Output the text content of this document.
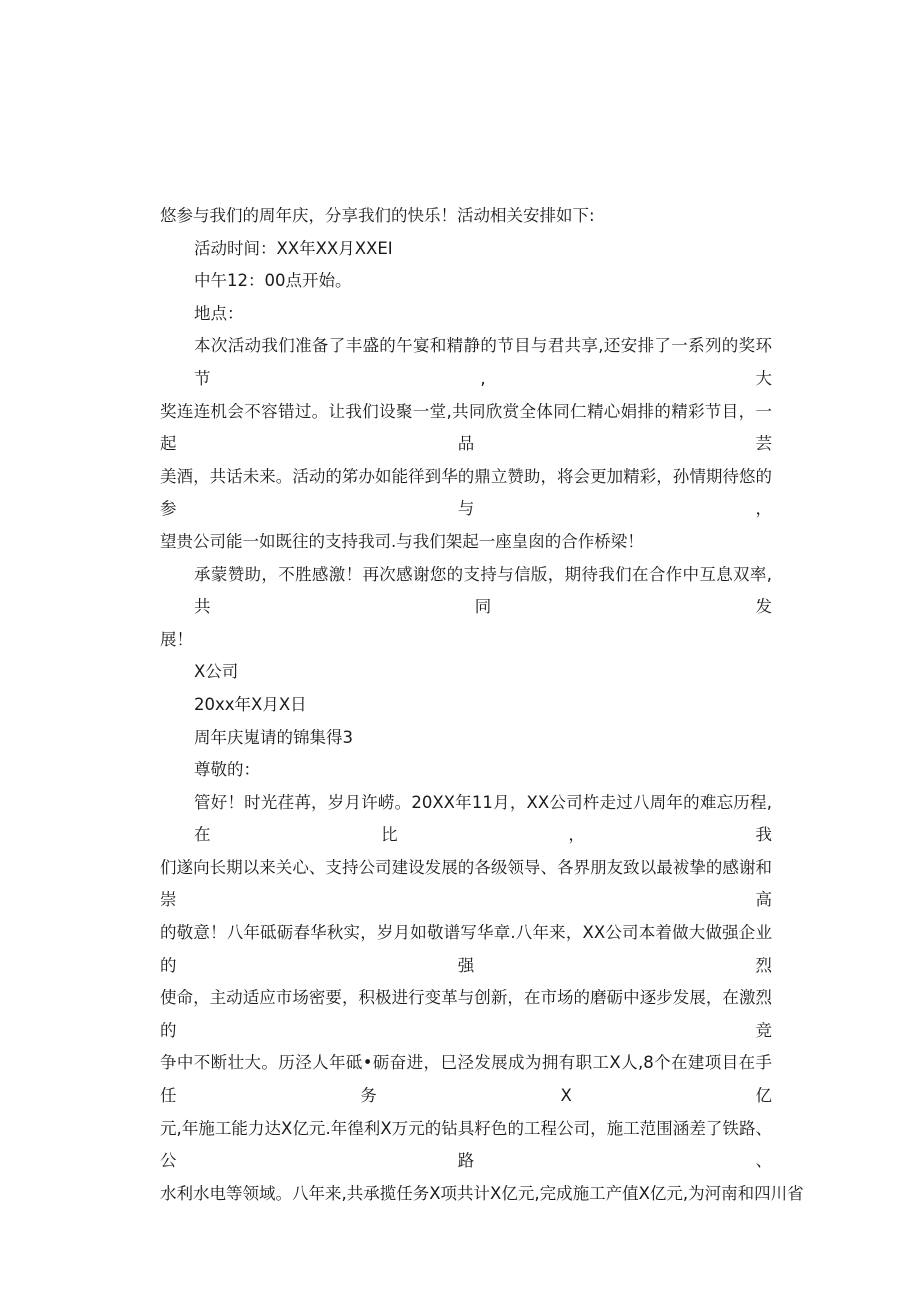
悠参与我们的周年庆，分享我们的快乐！活动相关安排如下:

活动时间：XX年XX月XXEI

中午12：00点开始。

地点：

本次活动我们准备了丰盛的午宴和精静的节目与君共享,还安排了一系列的奖环节,大

奖连连机会不容错过。让我们设聚一堂,共同欣赏全体同仁精心娟排的精彩节目，一起品芸

美酒，共话未来。活动的笫办如能徉到华的鼎立赞助，将会更加精彩，孙情期待悠的参与，

望贵公司能一如既往的支持我司.与我们架起一座皇囱的合作桥梁！

承蒙赞助，不胜感激！再次感谢您的支持与信版，期待我们在合作中互息双率,共同发

展！

X公司

20xx年X月X日

周年庆嵬请的锦集得3

尊敬的：

管好！时光荏苒，岁月许崂。20XX年11月，XX公司杵走过八周年的难忘历程,在比，我

们遂向长期以来关心、支持公司建设发展的各级领导、各界朋友致以最袚挚的感谢和崇高

的敬意！八年砥砺春华秋实，岁月如敬谱写华章.八年来，XX公司本着做大做强企业的强烈

使命，主动适应市场密要，积极进行变革与创新，在市场的磨砺中逐步发展，在激烈的竞

争中不断壮大。历泾人年砥•砺奋进，巳泾发展成为拥有职工X人,8个在建项目在手任务X亿

元,年施工能力达X亿元.年徨利X万元的钻具籽色的工程公司，施工范围涵差了铁路、公路、

水利水电等领域。八年来,共承揽任务X项共计X亿元,完成施工产值X亿元,为河南和四川省
